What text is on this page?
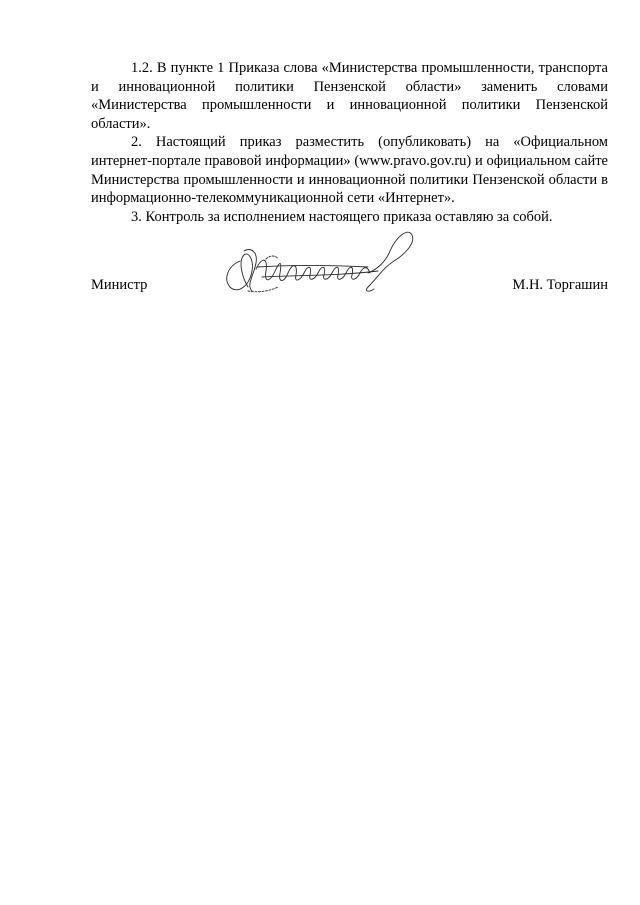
1.2. В пункте 1 Приказа слова «Министерства промышленности, транспорта и инновационной политики Пензенской области» заменить словами «Министерства промышленности и инновационной политики Пензенской области».

2. Настоящий приказ разместить (опубликовать) на «Официальном интернет-портале правовой информации» (www.pravo.gov.ru) и официальном сайте Министерства промышленности и инновационной политики Пензенской области в информационно-телекоммуникационной сети «Интернет».

3. Контроль за исполнением настоящего приказа оставляю за собой.

Министр	М.Н. Торгашин
